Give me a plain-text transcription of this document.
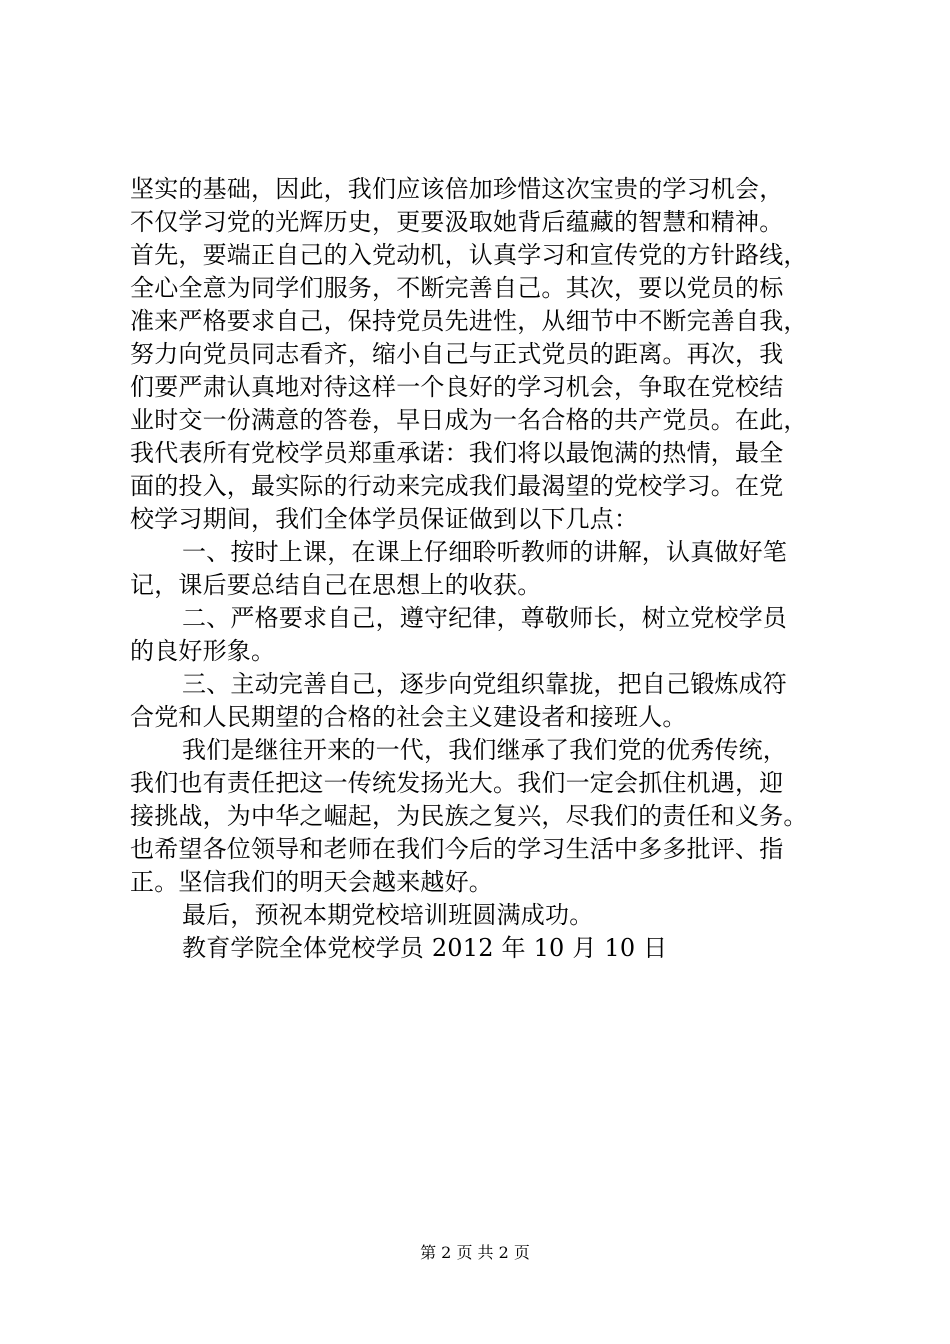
坚实的基础，因此，我们应该倍加珍惜这次宝贵的学习机会，
不仅学习党的光辉历史，更要汲取她背后蕴藏的智慧和精神。
首先，要端正自己的入党动机，认真学习和宣传党的方针路线，
全心全意为同学们服务，不断完善自己。其次，要以党员的标
准来严格要求自己，保持党员先进性，从细节中不断完善自我，
努力向党员同志看齐，缩小自己与正式党员的距离。再次，我
们要严肃认真地对待这样一个良好的学习机会，争取在党校结
业时交一份满意的答卷，早日成为一名合格的共产党员。在此，
我代表所有党校学员郑重承诺：我们将以最饱满的热情，最全
面的投入，最实际的行动来完成我们最渴望的党校学习。在党
校学习期间，我们全体学员保证做到以下几点：
一、按时上课，在课上仔细聆听教师的讲解，认真做好笔
记，课后要总结自己在思想上的收获。
二、严格要求自己，遵守纪律，尊敬师长，树立党校学员
的良好形象。
三、主动完善自己，逐步向党组织靠拢，把自己锻炼成符
合党和人民期望的合格的社会主义建设者和接班人。
我们是继往开来的一代，我们继承了我们党的优秀传统，
我们也有责任把这一传统发扬光大。我们一定会抓住机遇，迎
接挑战，为中华之崛起，为民族之复兴，尽我们的责任和义务。
也希望各位领导和老师在我们今后的学习生活中多多批评、指
正。坚信我们的明天会越来越好。
最后，预祝本期党校培训班圆满成功。
教育学院全体党校学员 2012 年 10 月 10 日
第 2 页 共 2 页
